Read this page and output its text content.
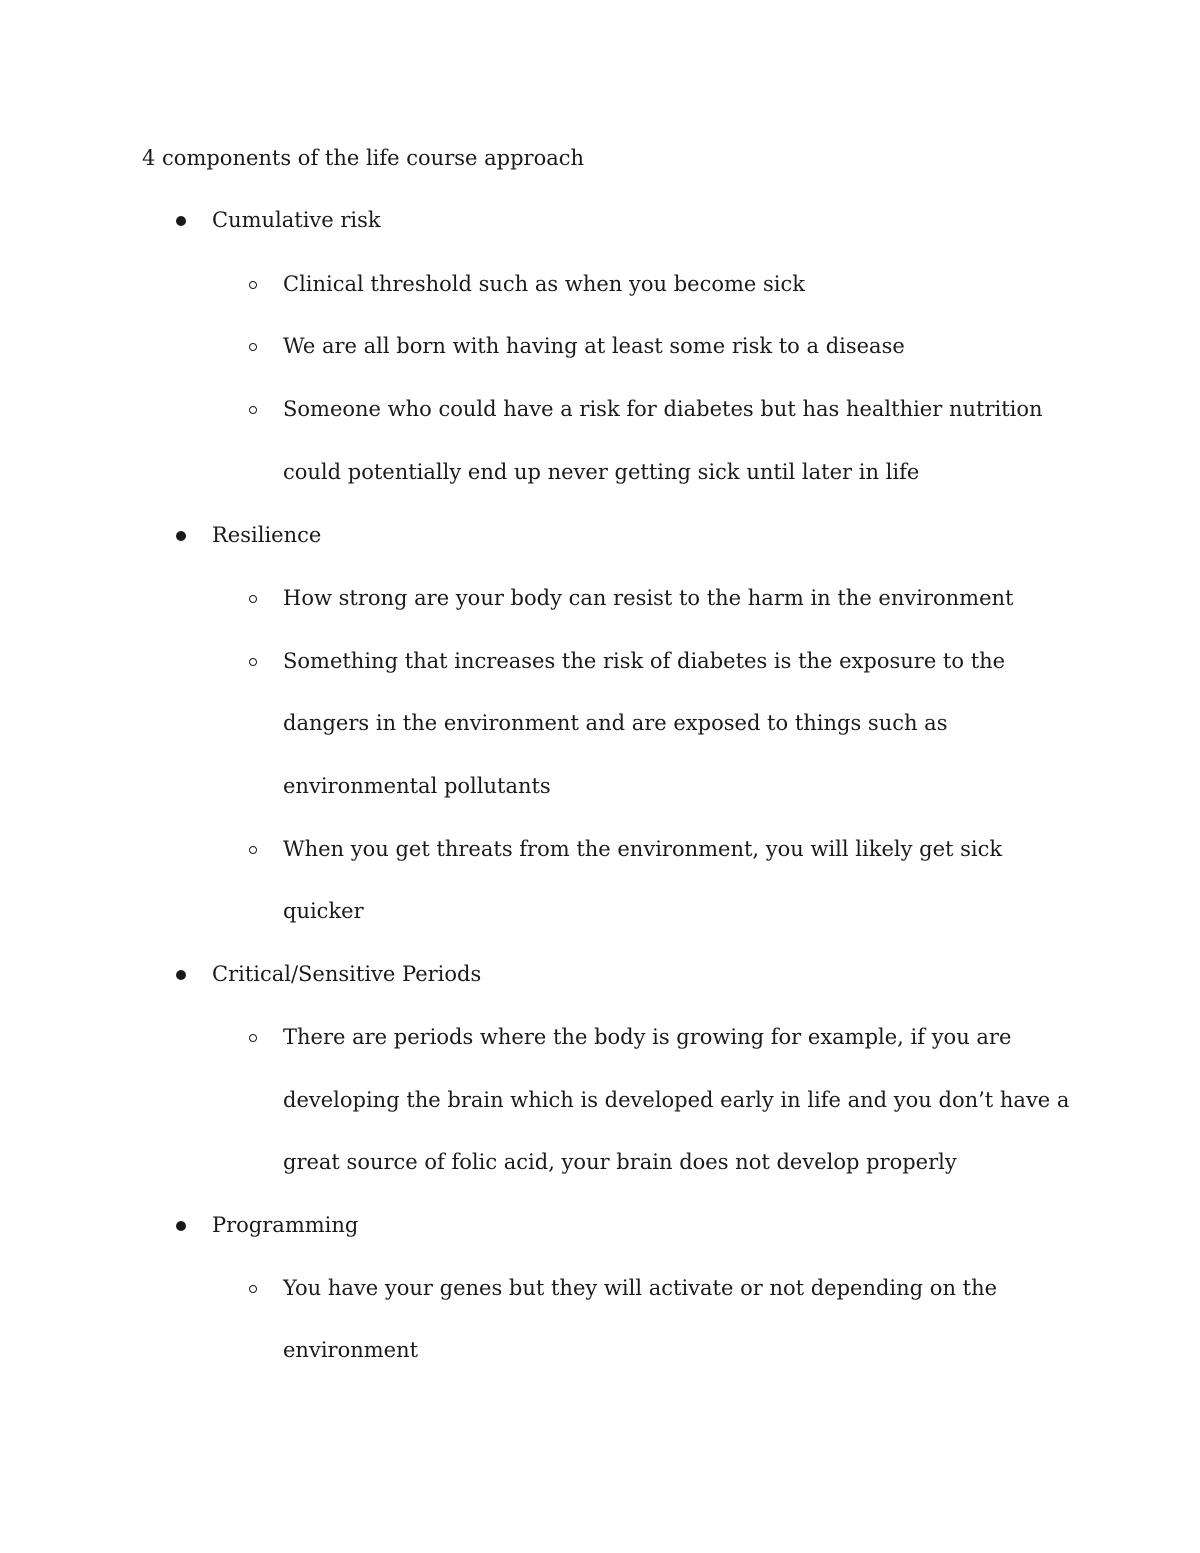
4 components of the life course approach
Cumulative risk
Clinical threshold such as when you become sick
We are all born with having at least some risk to a disease
Someone who could have a risk for diabetes but has healthier nutrition
could potentially end up never getting sick until later in life
Resilience
How strong are your body can resist to the harm in the environment
Something that increases the risk of diabetes is the exposure to the
dangers in the environment and are exposed to things such as
environmental pollutants
When you get threats from the environment, you will likely get sick
quicker
Critical/Sensitive Periods
There are periods where the body is growing for example, if you are
developing the brain which is developed early in life and you don’t have a
great source of folic acid, your brain does not develop properly
Programming
You have your genes but they will activate or not depending on the
environment
